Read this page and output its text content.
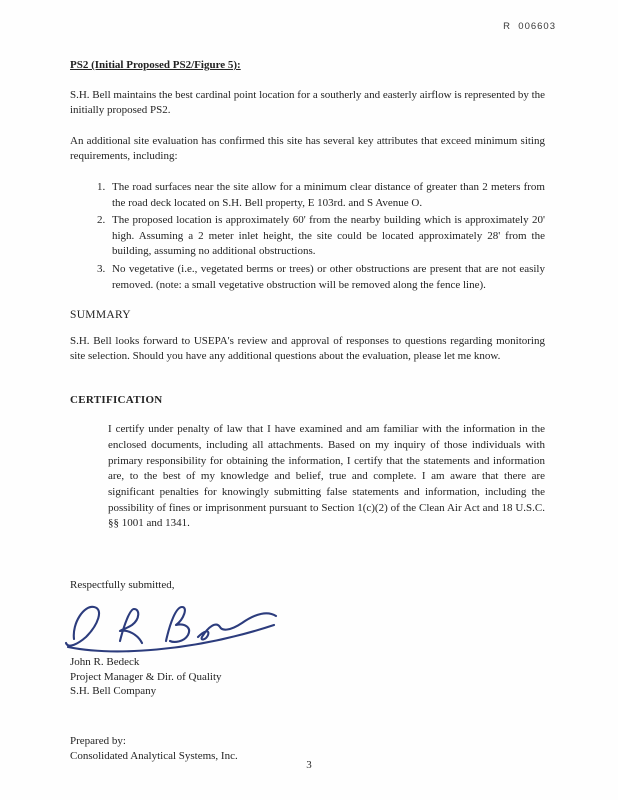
R  006603

PS2 (Initial Proposed PS2/Figure 5):

S.H. Bell maintains the best cardinal point location for a southerly and easterly airflow is represented by the initially proposed PS2.

An additional site evaluation has confirmed this site has several key attributes that exceed minimum siting requirements, including:

1. The road surfaces near the site allow for a minimum clear distance of greater than 2 meters from the road deck located on S.H. Bell property, E 103rd. and S Avenue O.
2. The proposed location is approximately 60' from the nearby building which is approximately 20' high. Assuming a 2 meter inlet height, the site could be located approximately 28' from the building, assuming no additional obstructions.
3. No vegetative (i.e., vegetated berms or trees) or other obstructions are present that are not easily removed. (note: a small vegetative obstruction will be removed along the fence line).

SUMMARY

S.H. Bell looks forward to USEPA's review and approval of responses to questions regarding monitoring site selection. Should you have any additional questions about the evaluation, please let me know.

CERTIFICATION

I certify under penalty of law that I have examined and am familiar with the information in the enclosed documents, including all attachments. Based on my inquiry of those individuals with primary responsibility for obtaining the information, I certify that the statements and information are, to the best of my knowledge and belief, true and complete. I am aware that there are significant penalties for knowingly submitting false statements and information, including the possibility of fines or imprisonment pursuant to Section 1(c)(2) of the Clean Air Act and 18 U.S.C. §§ 1001 and 1341.

Respectfully submitted,

John R. Bedeck

Project Manager & Dir. of Quality

S.H. Bell Company

Prepared by:

Consolidated Analytical Systems, Inc.

3
